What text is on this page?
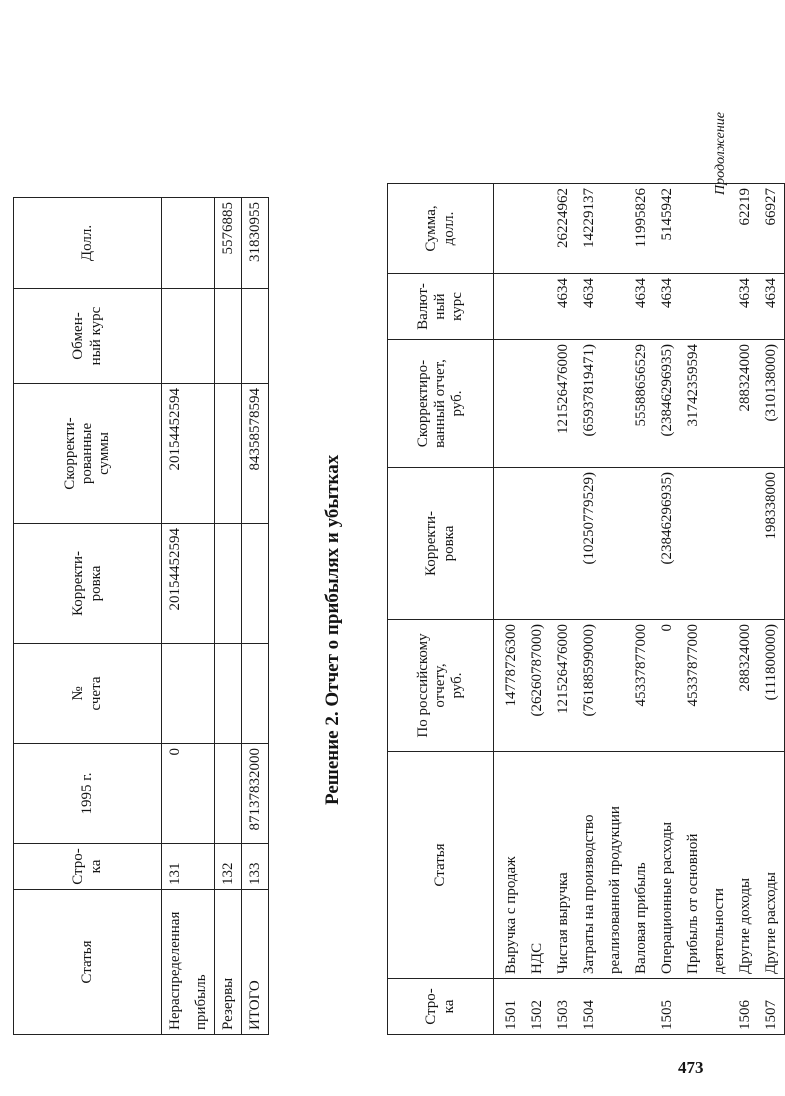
Продолжение
473
Статья	Стро-
ка	1995 г.	№
счета	Корректи-
ровка	Скорректи-
рованные
суммы	Обмен-
ный курс	Долл.
Нераспределенная прибыль	131	0		20154452594	20154452594		
Резервы	132						5576885
ИТОГО	133	87137832000			84358578594		31830955
Решение 2. Отчет о прибылях и убытках
Стро-
ка	Статья	По российскому
отчету,
руб.	Корректи-
ровка	Скорректиро-
ванный отчет,
руб.	Валют-
ный
курс	Сумма,
долл.
1501	Выручка с продаж	14778726300				
1502	НДС	(26260787000)				
1503	Чистая выручка	121526476000		121526476000	4634	26224962
1504	Затраты на производство
реализованной продукции	(76188599000)	(10250779529)	(65937819471)	4634	14229137
	Валовая прибыль	45337877000		55588656529	4634	11995826
1505	Операционные расходы	0	(23846296935)	(23846296935)	4634	5145942
	Прибыль от основной
деятельности	45337877000		31742359594		
1506	Другие доходы	288324000		288324000	4634	62219
1507	Другие расходы	(111800000)	198338000	(310138000)	4634	66927
